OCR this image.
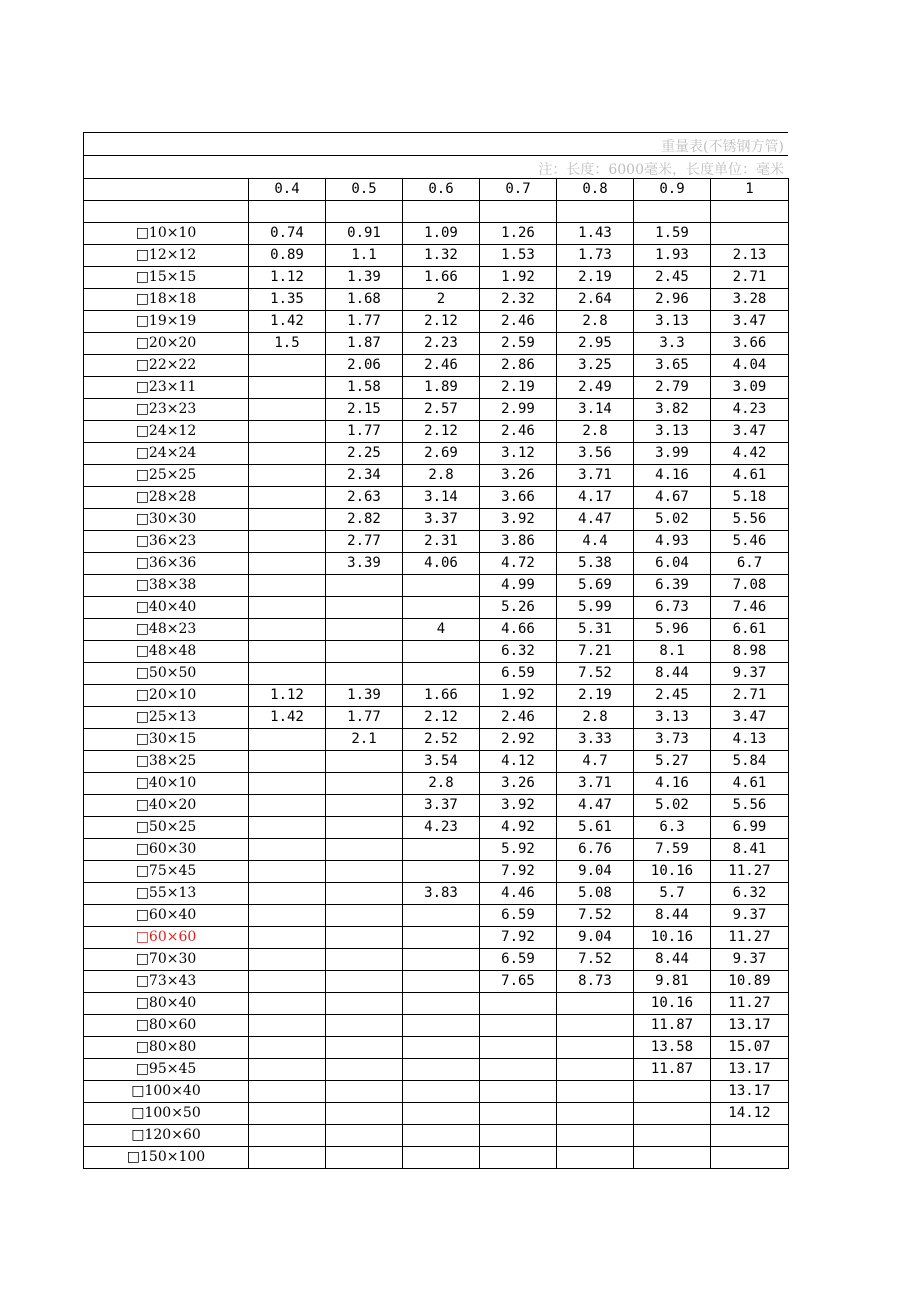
重量表(不锈钢方管)
注：长度：6000毫米，长度单位：毫米
	0.4	0.5	0.6	0.7	0.8	0.9	1

□10×10	0.74	0.91	1.09	1.26	1.43	1.59	
□12×12	0.89	1.1	1.32	1.53	1.73	1.93	2.13
□15×15	1.12	1.39	1.66	1.92	2.19	2.45	2.71
□18×18	1.35	1.68	2	2.32	2.64	2.96	3.28
□19×19	1.42	1.77	2.12	2.46	2.8	3.13	3.47
□20×20	1.5	1.87	2.23	2.59	2.95	3.3	3.66
□22×22		2.06	2.46	2.86	3.25	3.65	4.04
□23×11		1.58	1.89	2.19	2.49	2.79	3.09
□23×23		2.15	2.57	2.99	3.14	3.82	4.23
□24×12		1.77	2.12	2.46	2.8	3.13	3.47
□24×24		2.25	2.69	3.12	3.56	3.99	4.42
□25×25		2.34	2.8	3.26	3.71	4.16	4.61
□28×28		2.63	3.14	3.66	4.17	4.67	5.18
□30×30		2.82	3.37	3.92	4.47	5.02	5.56
□36×23		2.77	2.31	3.86	4.4	4.93	5.46
□36×36		3.39	4.06	4.72	5.38	6.04	6.7
□38×38				4.99	5.69	6.39	7.08
□40×40				5.26	5.99	6.73	7.46
□48×23			4	4.66	5.31	5.96	6.61
□48×48				6.32	7.21	8.1	8.98
□50×50				6.59	7.52	8.44	9.37
□20×10	1.12	1.39	1.66	1.92	2.19	2.45	2.71
□25×13	1.42	1.77	2.12	2.46	2.8	3.13	3.47
□30×15		2.1	2.52	2.92	3.33	3.73	4.13
□38×25			3.54	4.12	4.7	5.27	5.84
□40×10			2.8	3.26	3.71	4.16	4.61
□40×20			3.37	3.92	4.47	5.02	5.56
□50×25			4.23	4.92	5.61	6.3	6.99
□60×30				5.92	6.76	7.59	8.41
□75×45				7.92	9.04	10.16	11.27
□55×13			3.83	4.46	5.08	5.7	6.32
□60×40				6.59	7.52	8.44	9.37
□60×60				7.92	9.04	10.16	11.27
□70×30				6.59	7.52	8.44	9.37
□73×43				7.65	8.73	9.81	10.89
□80×40						10.16	11.27
□80×60						11.87	13.17
□80×80						13.58	15.07
□95×45						11.87	13.17
□100×40							13.17
□100×50							14.12
□120×60							
□150×100							
